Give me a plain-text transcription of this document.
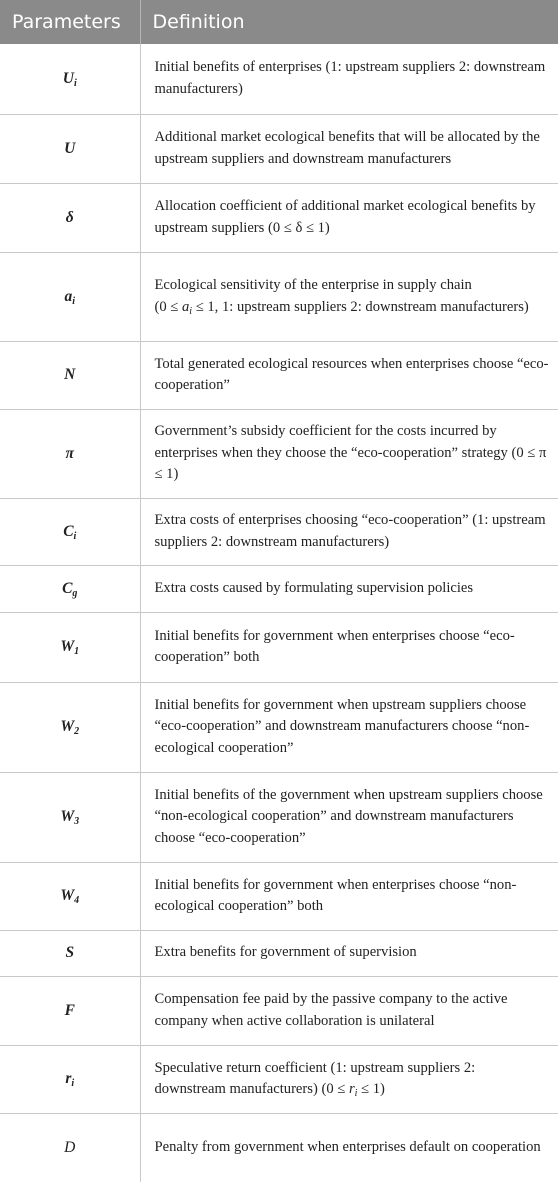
Parameters	Definition
$U_i$	Initial benefits of enterprises (1: upstream suppliers 2: downstream manufacturers)
U	Additional market ecological benefits that will be allocated by the upstream suppliers and downstream manufacturers
δ	Allocation coefficient of additional market ecological benefits by upstream suppliers (0 ≤ δ ≤ 1)
$a_i$	Ecological sensitivity of the enterprise in supply chain
($0 \le a_i \le 1$, 1: upstream suppliers 2: downstream manufacturers)
N	Total generated ecological resources when enterprises choose “eco-cooperation”
π	Government’s subsidy coefficient for the costs incurred by enterprises when they choose the “eco-cooperation” strategy (0 ≤ π ≤ 1)
$C_i$	Extra costs of enterprises choosing “eco-cooperation” (1: upstream suppliers 2: downstream manufacturers)
$C_g$	Extra costs caused by formulating supervision policies
$W_1$	Initial benefits for government when enterprises choose “eco-cooperation” both
$W_2$	Initial benefits for government when upstream suppliers choose “eco-cooperation” and downstream manufacturers choose “non-ecological cooperation”
$W_3$	Initial benefits of the government when upstream suppliers choose “non-ecological cooperation” and downstream manufacturers choose “eco-cooperation”
$W_4$	Initial benefits for government when enterprises choose “non-ecological cooperation” both
S	Extra benefits for government of supervision
F	Compensation fee paid by the passive company to the active company when active collaboration is unilateral
$r_i$	Speculative return coefficient (1: upstream suppliers 2: downstream manufacturers) $(0 \le r_i \le 1)$
D	Penalty from government when enterprises default on cooperation
